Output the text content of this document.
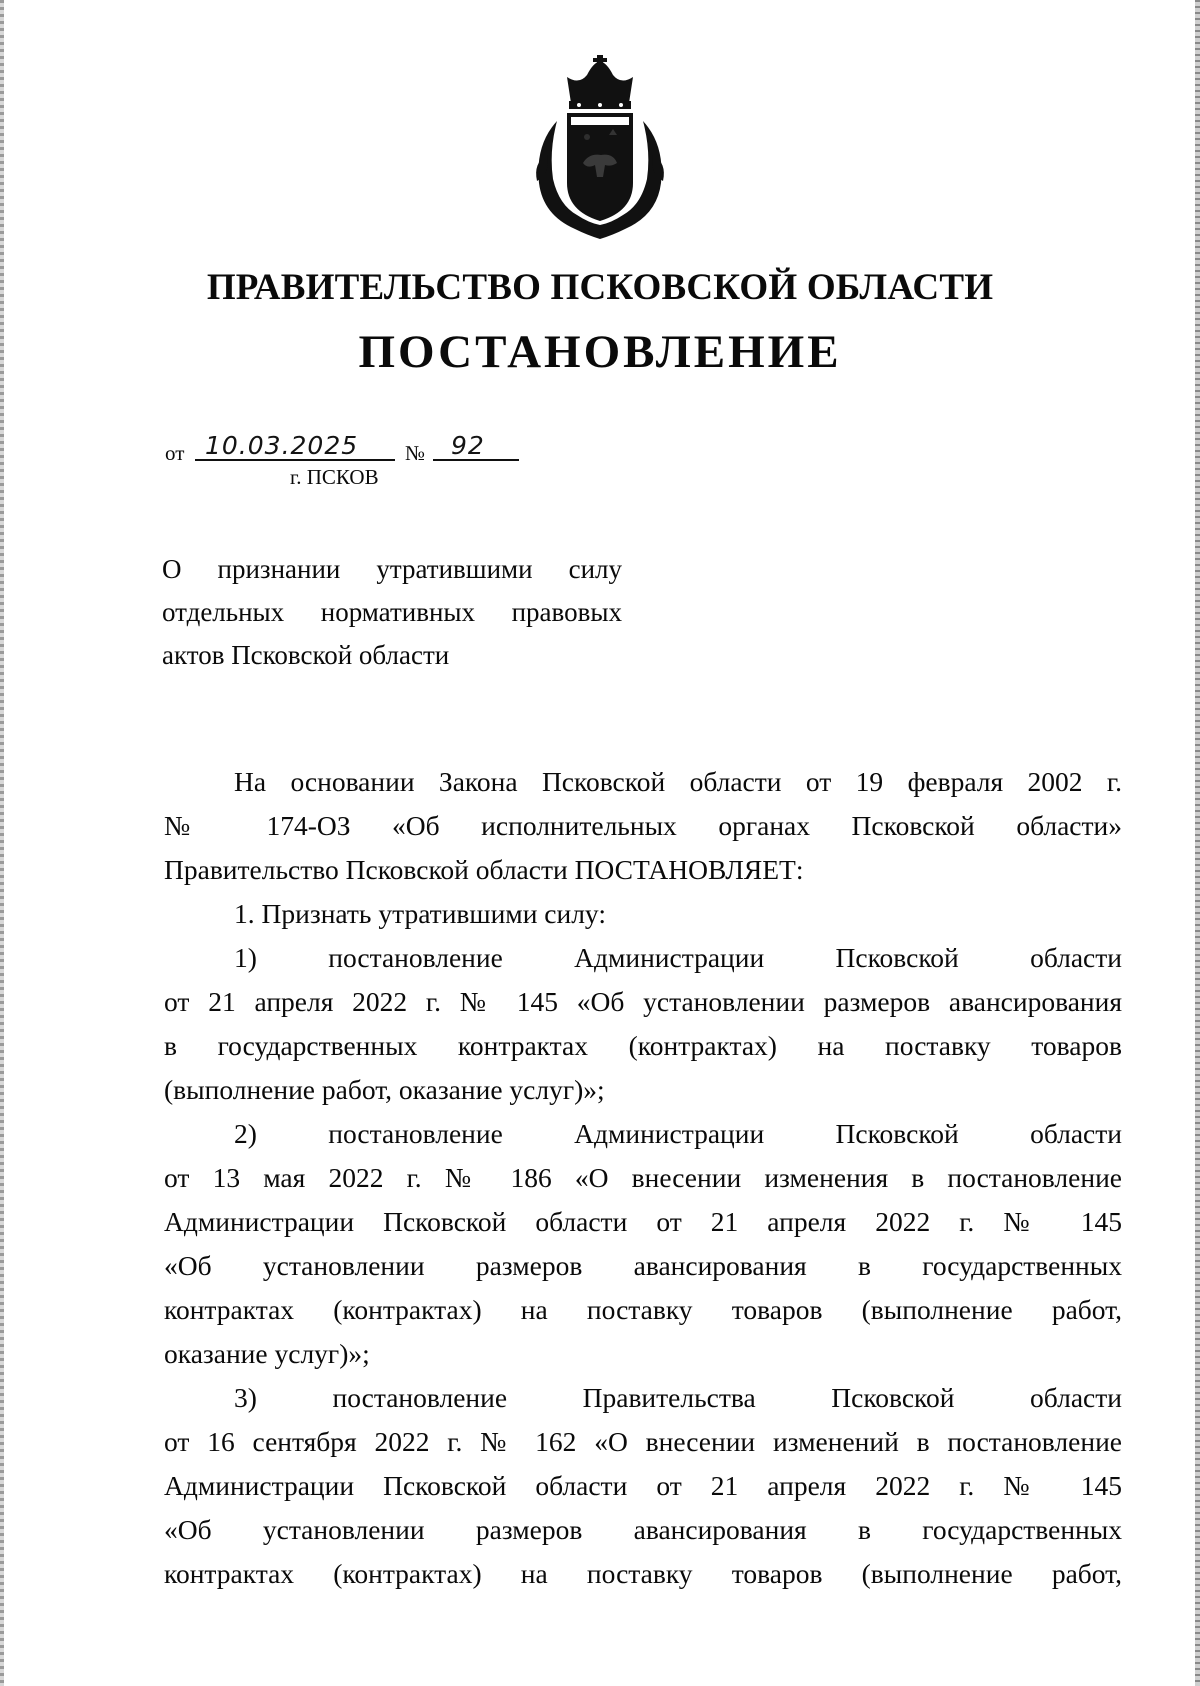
ПРАВИТЕЛЬСТВО ПСКОВСКОЙ ОБЛАСТИ
ПОСТАНОВЛЕНИЕ
от 10.03.2025 № 92
г. ПСКОВ
О признании утратившими силу
отдельных нормативных правовых
актов Псковской области
На основании Закона Псковской области от 19 февраля 2002 г.
№ 174-ОЗ «Об исполнительных органах Псковской области»
Правительство Псковской области ПОСТАНОВЛЯЕТ:
1. Признать утратившими силу:
1) постановление Администрации Псковской области
от 21 апреля 2022 г. № 145 «Об установлении размеров авансирования
в государственных контрактах (контрактах) на поставку товаров
(выполнение работ, оказание услуг)»;
2) постановление Администрации Псковской области
от 13 мая 2022 г. № 186 «О внесении изменения в постановление
Администрации Псковской области от 21 апреля 2022 г. № 145
«Об установлении размеров авансирования в государственных
контрактах (контрактах) на поставку товаров (выполнение работ,
оказание услуг)»;
3) постановление Правительства Псковской области
от 16 сентября 2022 г. № 162 «О внесении изменений в постановление
Администрации Псковской области от 21 апреля 2022 г. № 145
«Об установлении размеров авансирования в государственных
контрактах (контрактах) на поставку товаров (выполнение работ,
